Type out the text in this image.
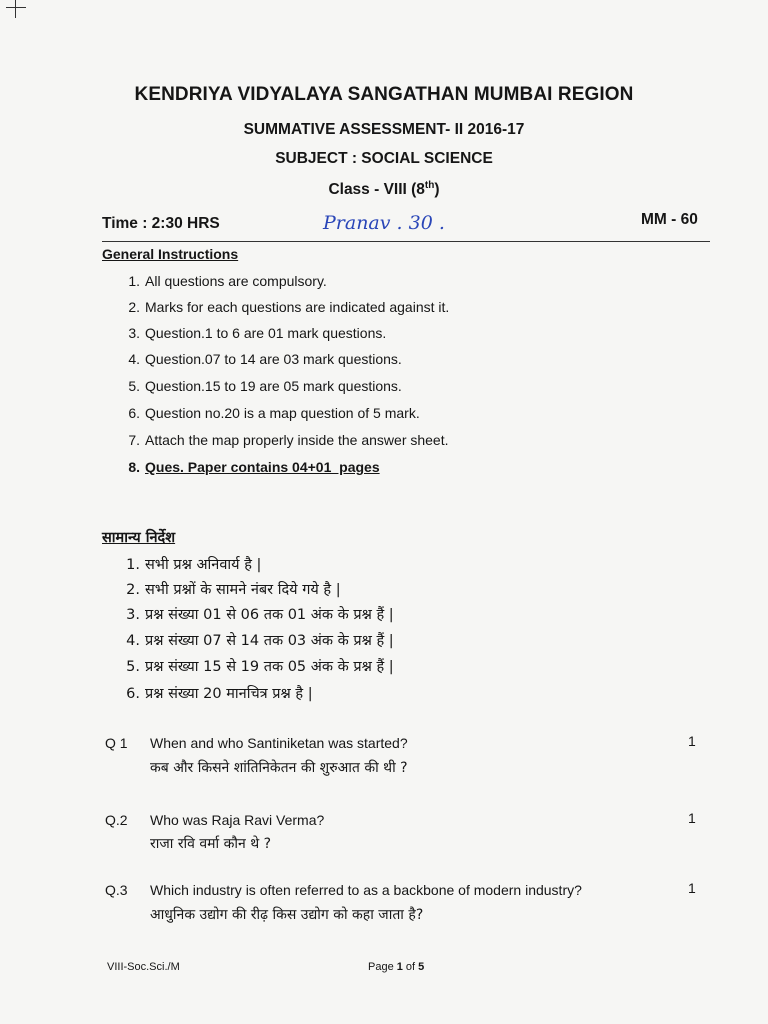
KENDRIYA VIDYALAYA SANGATHAN MUMBAI REGION
SUMMATIVE ASSESSMENT- II 2016-17
SUBJECT : SOCIAL SCIENCE
Class - VIII (8th)
Time : 2:30 HRS	Pranav . 30 .	MM - 60
General Instructions
1. All questions are compulsory.
2. Marks for each questions are indicated against it.
3. Question.1 to 6 are 01 mark questions.
4. Question.07 to 14 are 03 mark questions.
5. Question.15 to 19 are 05 mark questions.
6. Question no.20 is a map question of 5 mark.
7. Attach the map properly inside the answer sheet.
8. Ques. Paper contains 04+01  pages
सामान्य निर्देश
1. सभी प्रश्न अनिवार्य है |
2. सभी प्रश्नों के सामने नंबर दिये गये है |
3. प्रश्न संख्या 01 से 06 तक 01 अंक के प्रश्न हैं |
4. प्रश्न संख्या 07 से 14 तक 03 अंक के प्रश्न हैं |
5. प्रश्न संख्या 15 से 19 तक 05 अंक के प्रश्न हैं |
6. प्रश्न संख्या 20 मानचित्र प्रश्न है |
Q 1 When and who Santiniketan was started?
कब और किसने शांतिनिकेतन की शुरुआत की थी ?
1
Q.2 Who was Raja Ravi Verma?
राजा रवि वर्मा कौन थे ?
1
Q.3 Which industry is often referred to as a backbone of modern industry?
आधुनिक उद्योग की रीढ़ किस उद्योग को कहा जाता है?
1
VIII-Soc.Sci./M	Page 1 of 5
